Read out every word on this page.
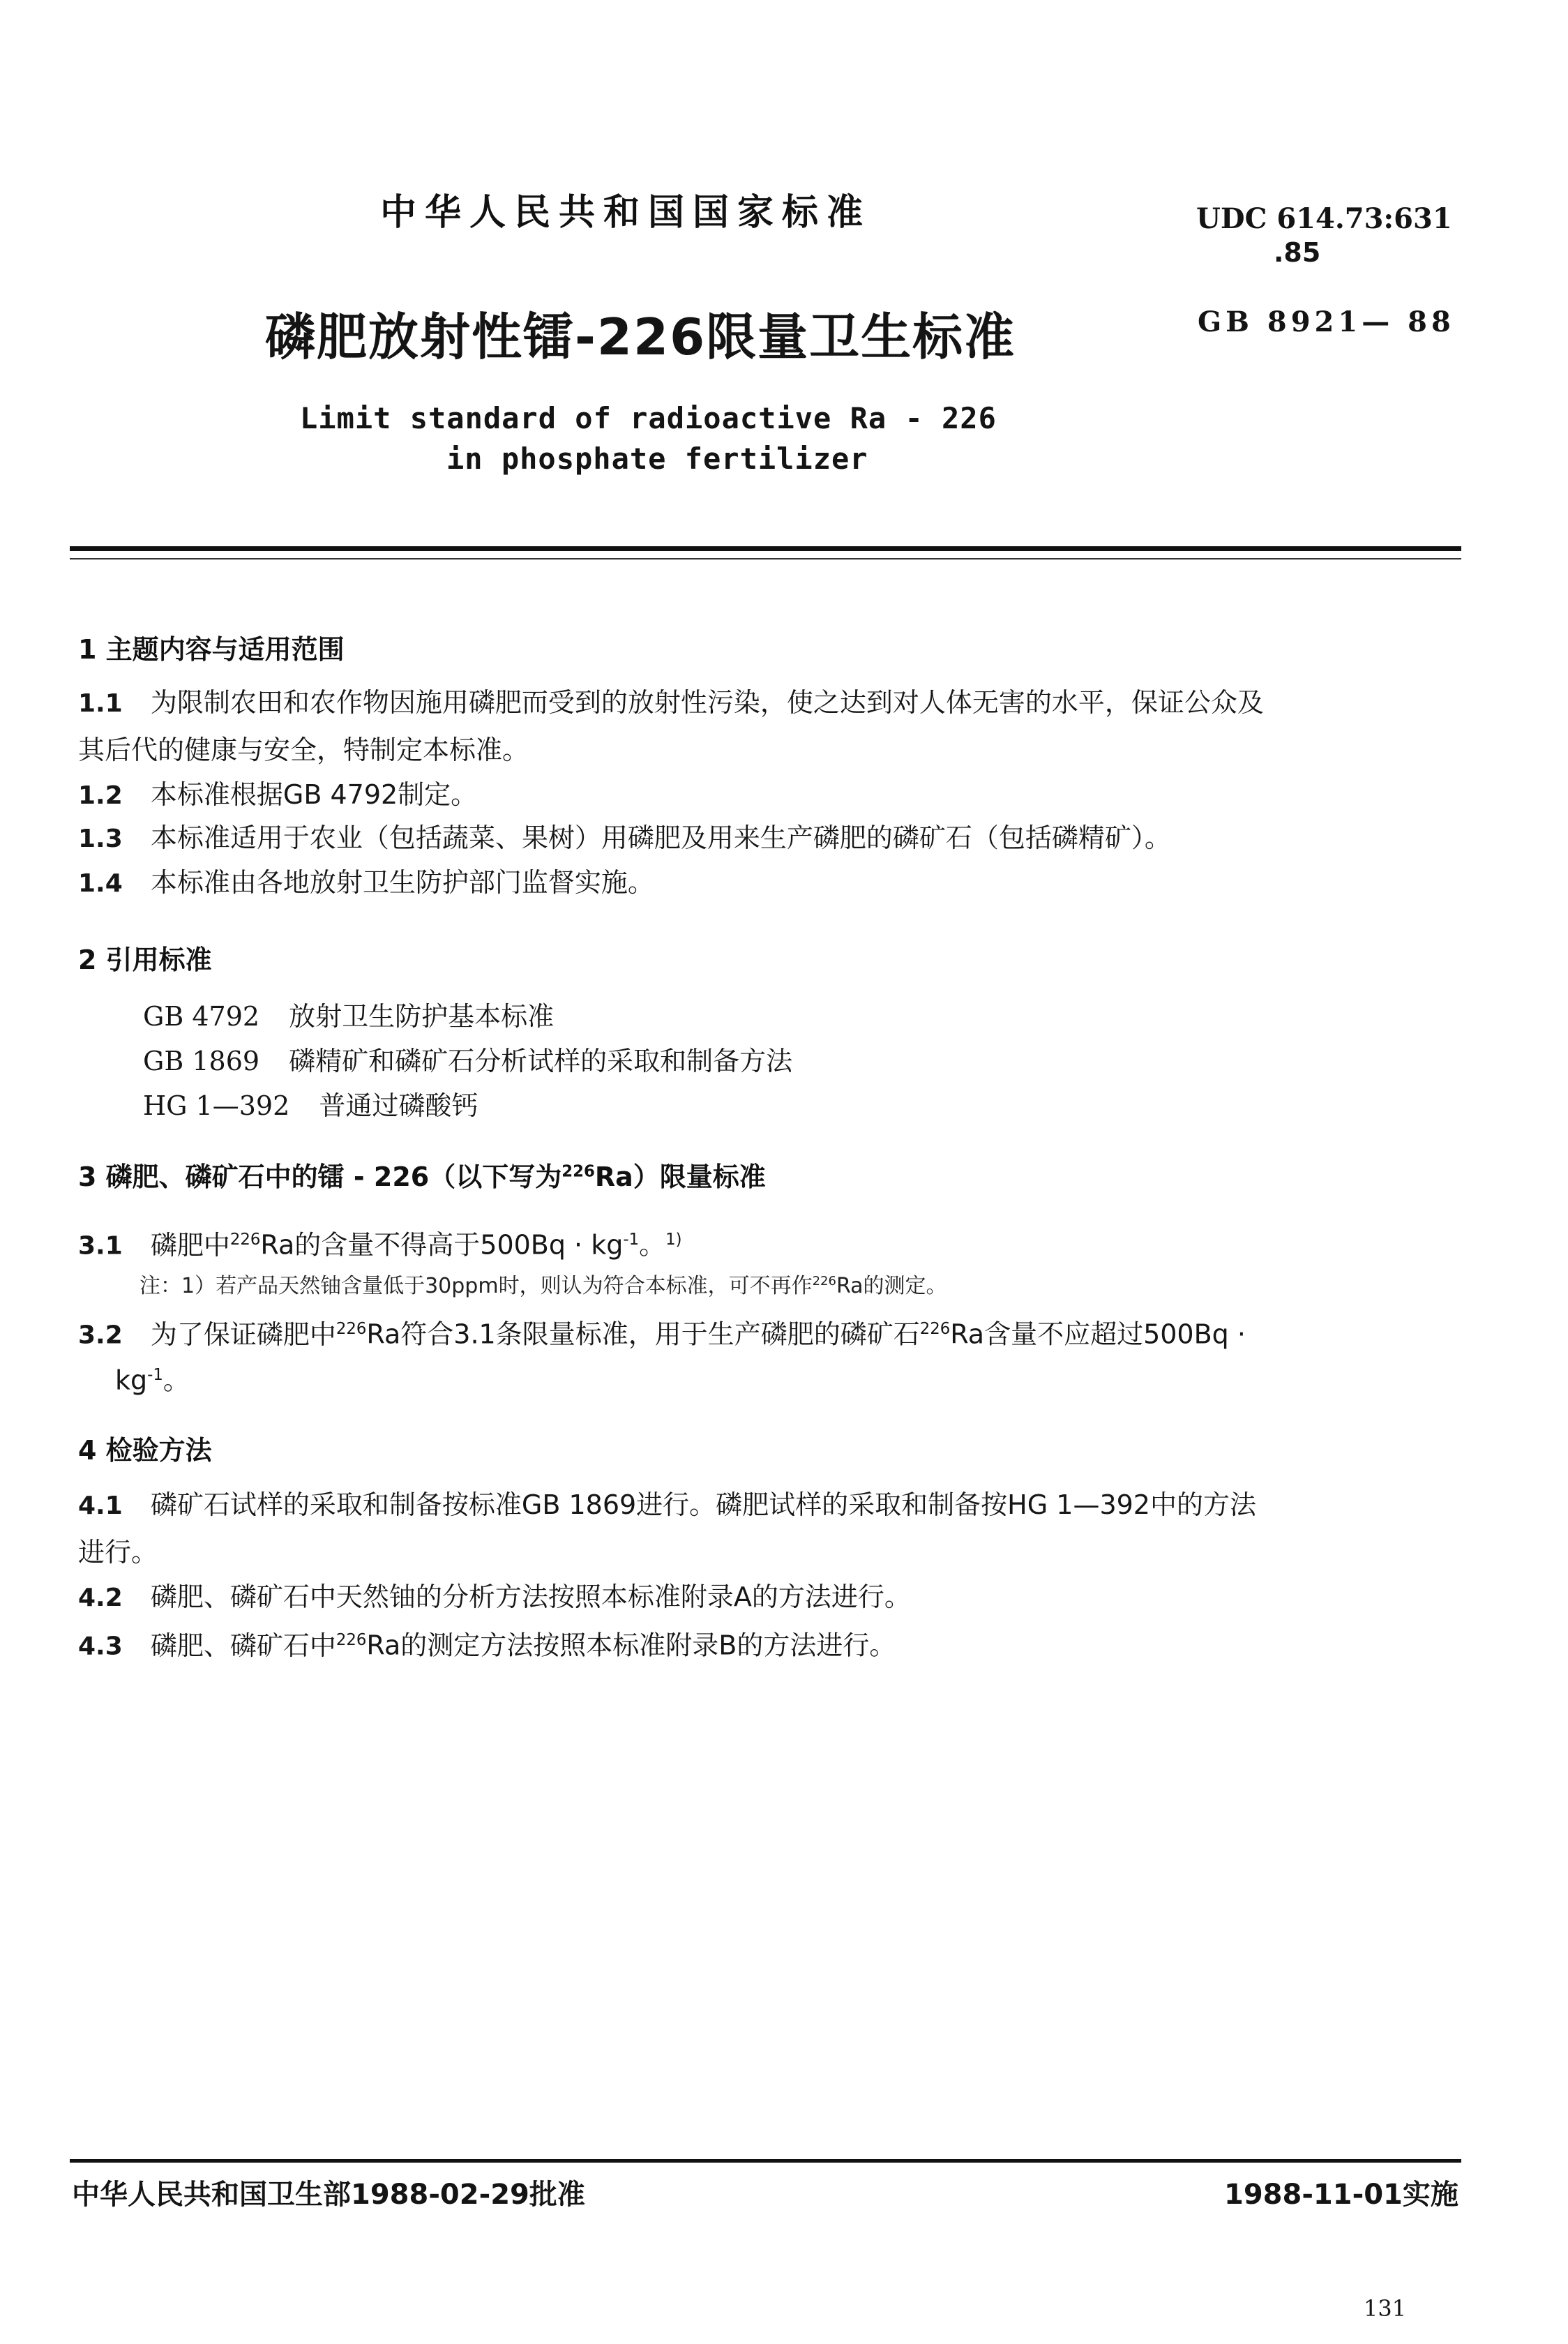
中华人民共和国国家标准	UDC 614.73:631
.85
GB 8921— 88
磷肥放射性镭-226限量卫生标准
Limit standard of radioactive Ra - 226
in phosphate fertilizer
1 主题内容与适用范围
1.1 为限制农田和农作物因施用磷肥而受到的放射性污染，使之达到对人体无害的水平，保证公众及
其后代的健康与安全，特制定本标准。
1.2 本标准根据GB 4792制定。
1.3 本标准适用于农业（包括蔬菜、果树）用磷肥及用来生产磷肥的磷矿石（包括磷精矿）。
1.4 本标准由各地放射卫生防护部门监督实施。
2 引用标准
GB 4792 放射卫生防护基本标准
GB 1869 磷精矿和磷矿石分析试样的采取和制备方法
HG 1—392 普通过磷酸钙
3 磷肥、磷矿石中的镭 - 226（以下写为$^{226}$Ra）限量标准
3.1 磷肥中$^{226}$Ra的含量不得高于$500Bq \cdot kg^{-1}$。$^{1)}$
注：1）若产品天然铀含量低于30ppm时，则认为符合本标准，可不再作$^{226}$Ra的测定。
3.2 为了保证磷肥中$^{226}$Ra符合3.1条限量标准，用于生产磷肥的磷矿石$^{226}$Ra含量不应超过500Bq ·
$kg^{-1}$。
4 检验方法
4.1 磷矿石试样的采取和制备按标准GB 1869进行。磷肥试样的采取和制备按HG 1—392中的方法
进行。
4.2 磷肥、磷矿石中天然铀的分析方法按照本标准附录A的方法进行。
4.3 磷肥、磷矿石中$^{226}$Ra的测定方法按照本标准附录B的方法进行。
中华人民共和国卫生部1988-02-29批准	1988-11-01实施
131
